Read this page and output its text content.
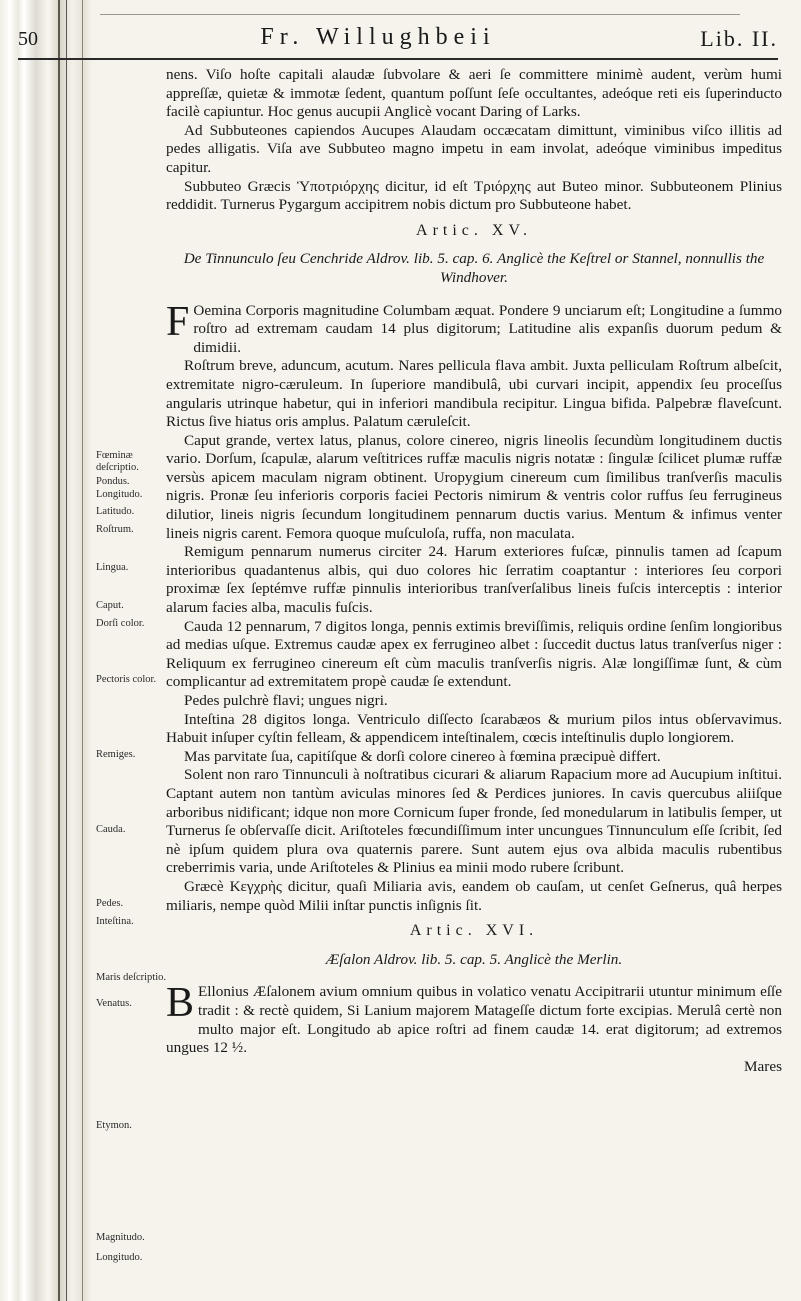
50	Fr. Willughbeii	Lib. II.
Fœminæ deſcriptio.
Pondus.
Longitudo.
Latitudo.
Roſtrum.
Lingua.
Caput.
Dorſi color.
Pectoris color.
Remiges.
Cauda.
Pedes.
Inteſtina.
Maris deſcriptio.
Venatus.
Etymon.
Magnitudo.
Longitudo.

nens. Viſo hoſte capitali alaudæ ſubvolare & aeri ſe committere minimè audent, verùm humi appreſſæ, quietæ & immotæ ſedent, quantum poſſunt ſeſe occultantes, adeóque reti eis ſuperinducto facilè capiuntur. Hoc genus aucupii Anglicè vocant Daring of Larks.

Ad Subbuteones capiendos Aucupes Alaudam occæcatam dimittunt, viminibus viſco illitis ad pedes alligatis. Viſa ave Subbuteo magno impetu in eam involat, adeóque viminibus impeditus capitur.

Subbuteo Græcis Ὑποτριόρχης dicitur, id eſt Τριόρχης aut Buteo minor. Subbuteonem Plinius reddidit. Turnerus Pygargum accipitrem nobis dictum pro Subbuteone habet.

Artic. XV.

De Tinnunculo ſeu Cenchride Aldrov. lib. 5. cap. 6. Anglicè the Keſtrel or Stannel, nonnullis the Windhover.

F Oemina Corporis magnitudine Columbam æquat. Pondere 9 unciarum eſt; Longitudine a ſummo roſtro ad extremam caudam 14 plus digitorum; Latitudine alis expanſis duorum pedum & dimidii.

Roſtrum breve, aduncum, acutum. Nares pellicula flava ambit. Juxta pelliculam Roſtrum albeſcit, extremitate nigro-cæruleum. In ſuperiore mandibulâ, ubi curvari incipit, appendix ſeu proceſſus angularis utrinque habetur, qui in inferiori mandibula recipitur. Lingua bifida. Palpebræ flaveſcunt. Rictus ſive hiatus oris amplus. Palatum cæruleſcit.

Caput grande, vertex latus, planus, colore cinereo, nigris lineolis ſecundùm longitudinem ductis vario. Dorſum, ſcapulæ, alarum veſtitrices ruffæ maculis nigris notatæ : ſingulæ ſcilicet plumæ ruffæ versùs apicem maculam nigram obtinent. Uropygium cinereum cum ſimilibus tranſverſis maculis nigris. Pronæ ſeu inferioris corporis faciei Pectoris nimirum & ventris color ruffus ſeu ferrugineus dilutior, lineis nigris ſecundum longitudinem pennarum ductis varius. Mentum & infimus venter lineis nigris carent. Femora quoque muſculoſa, ruffa, non maculata.

Remigum pennarum numerus circiter 24. Harum exteriores fuſcæ, pinnulis tamen ad ſcapum interioribus quadantenus albis, qui duo colores hic ſerratim coaptantur : interiores ſeu corpori proximæ ſex ſeptémve ruffæ pinnulis interioribus tranſverſalibus lineis fuſcis interceptis : interior alarum facies alba, maculis fuſcis.

Cauda 12 pennarum, 7 digitos longa, pennis extimis breviſſimis, reliquis ordine ſenſim longioribus ad medias uſque. Extremus caudæ apex ex ferrugineo albet : ſuccedit ductus latus tranſverſus niger : Reliquum ex ferrugineo cinereum eſt cùm maculis tranſverſis nigris. Alæ longiſſimæ ſunt, & cùm complicantur ad extremitatem propè caudæ ſe extendunt.

Pedes pulchrè flavi; ungues nigri.

Inteſtina 28 digitos longa. Ventriculo diſſecto ſcarabæos & murium pilos intus obſervavimus. Habuit inſuper cyſtin felleam, & appendicem inteſtinalem, cœcis inteſtinulis duplo longiorem.

Mas parvitate ſua, capitíſque & dorſi colore cinereo à fœmina præcipuè differt.

Solent non raro Tinnunculi à noſtratibus cicurari & aliarum Rapacium more ad Aucupium inſtitui. Captant autem non tantùm aviculas minores ſed & Perdices juniores. In cavis quercubus aliiſque arboribus nidificant; idque non more Cornicum ſuper fronde, ſed monedularum in latibulis ſemper, ut Turnerus ſe obſervaſſe dicit. Ariſtoteles fœcundiſſimum inter uncungues Tinnunculum eſſe ſcribit, ſed nè ipſum quidem plura ova quaternis parere. Sunt autem ejus ova albida maculis rubentibus creberrimis varia, unde Ariſtoteles & Plinius ea minii modo rubere ſcribunt.

Græcè Κεγχρὴς dicitur, quaſi Miliaria avis, eandem ob cauſam, ut cenſet Geſnerus, quâ herpes miliaris, nempe quòd Milii inſtar punctis inſignis ſit.

Artic. XVI.

Æſalon Aldrov. lib. 5. cap. 5. Anglicè the Merlin.

B Ellonius Æſalonem avium omnium quibus in volatico venatu Accipitrarii utuntur minimum eſſe tradit : & rectè quidem, Si Lanium majorem Matageſſe dictum forte excipias. Merulâ certè non multo major eſt. Longitudo ab apice roſtri ad finem caudæ 14. erat digitorum; ad extremos ungues 12 ½.

Mares
